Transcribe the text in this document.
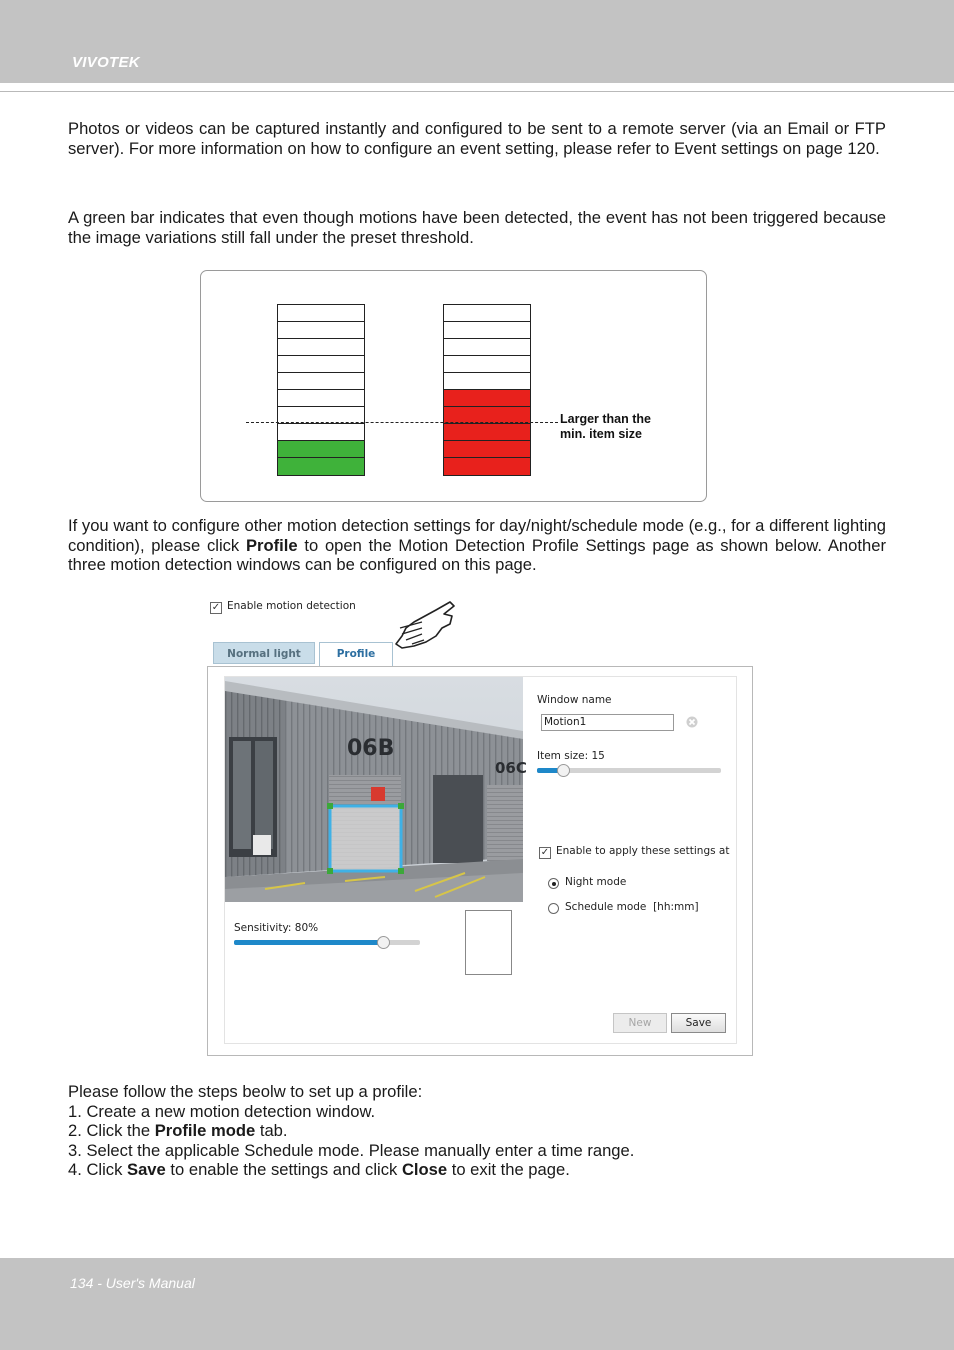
VIVOTEK
Photos or videos can be captured instantly and configured to be sent to a remote server (via an Email or FTP server). For more information on how to configure an event setting, please refer to Event settings on page 120.
A green bar indicates that even though motions have been detected, the event has not been triggered because the image variations still fall under the preset threshold.
Larger than the
min. item size
If you want to configure other motion detection settings for day/night/schedule mode (e.g., for a different lighting condition), please click Profile to open the Motion Detection Profile Settings page as shown below. Another three motion detection windows can be configured on this page.
✓ Enable motion detection
Normal light	Profile
06B
06C
Window name
Motion1
Item size: 15
✓ Enable to apply these settings at
Night mode
Schedule mode [hh:mm]
Sensitivity: 80%
New	Save
Please follow the steps beolw to set up a profile:
1. Create a new motion detection window.
2. Click the Profile mode tab.
3. Select the applicable Schedule mode. Please manually enter a time range.
4. Click Save to enable the settings and click Close to exit the page.
134 - User's Manual
